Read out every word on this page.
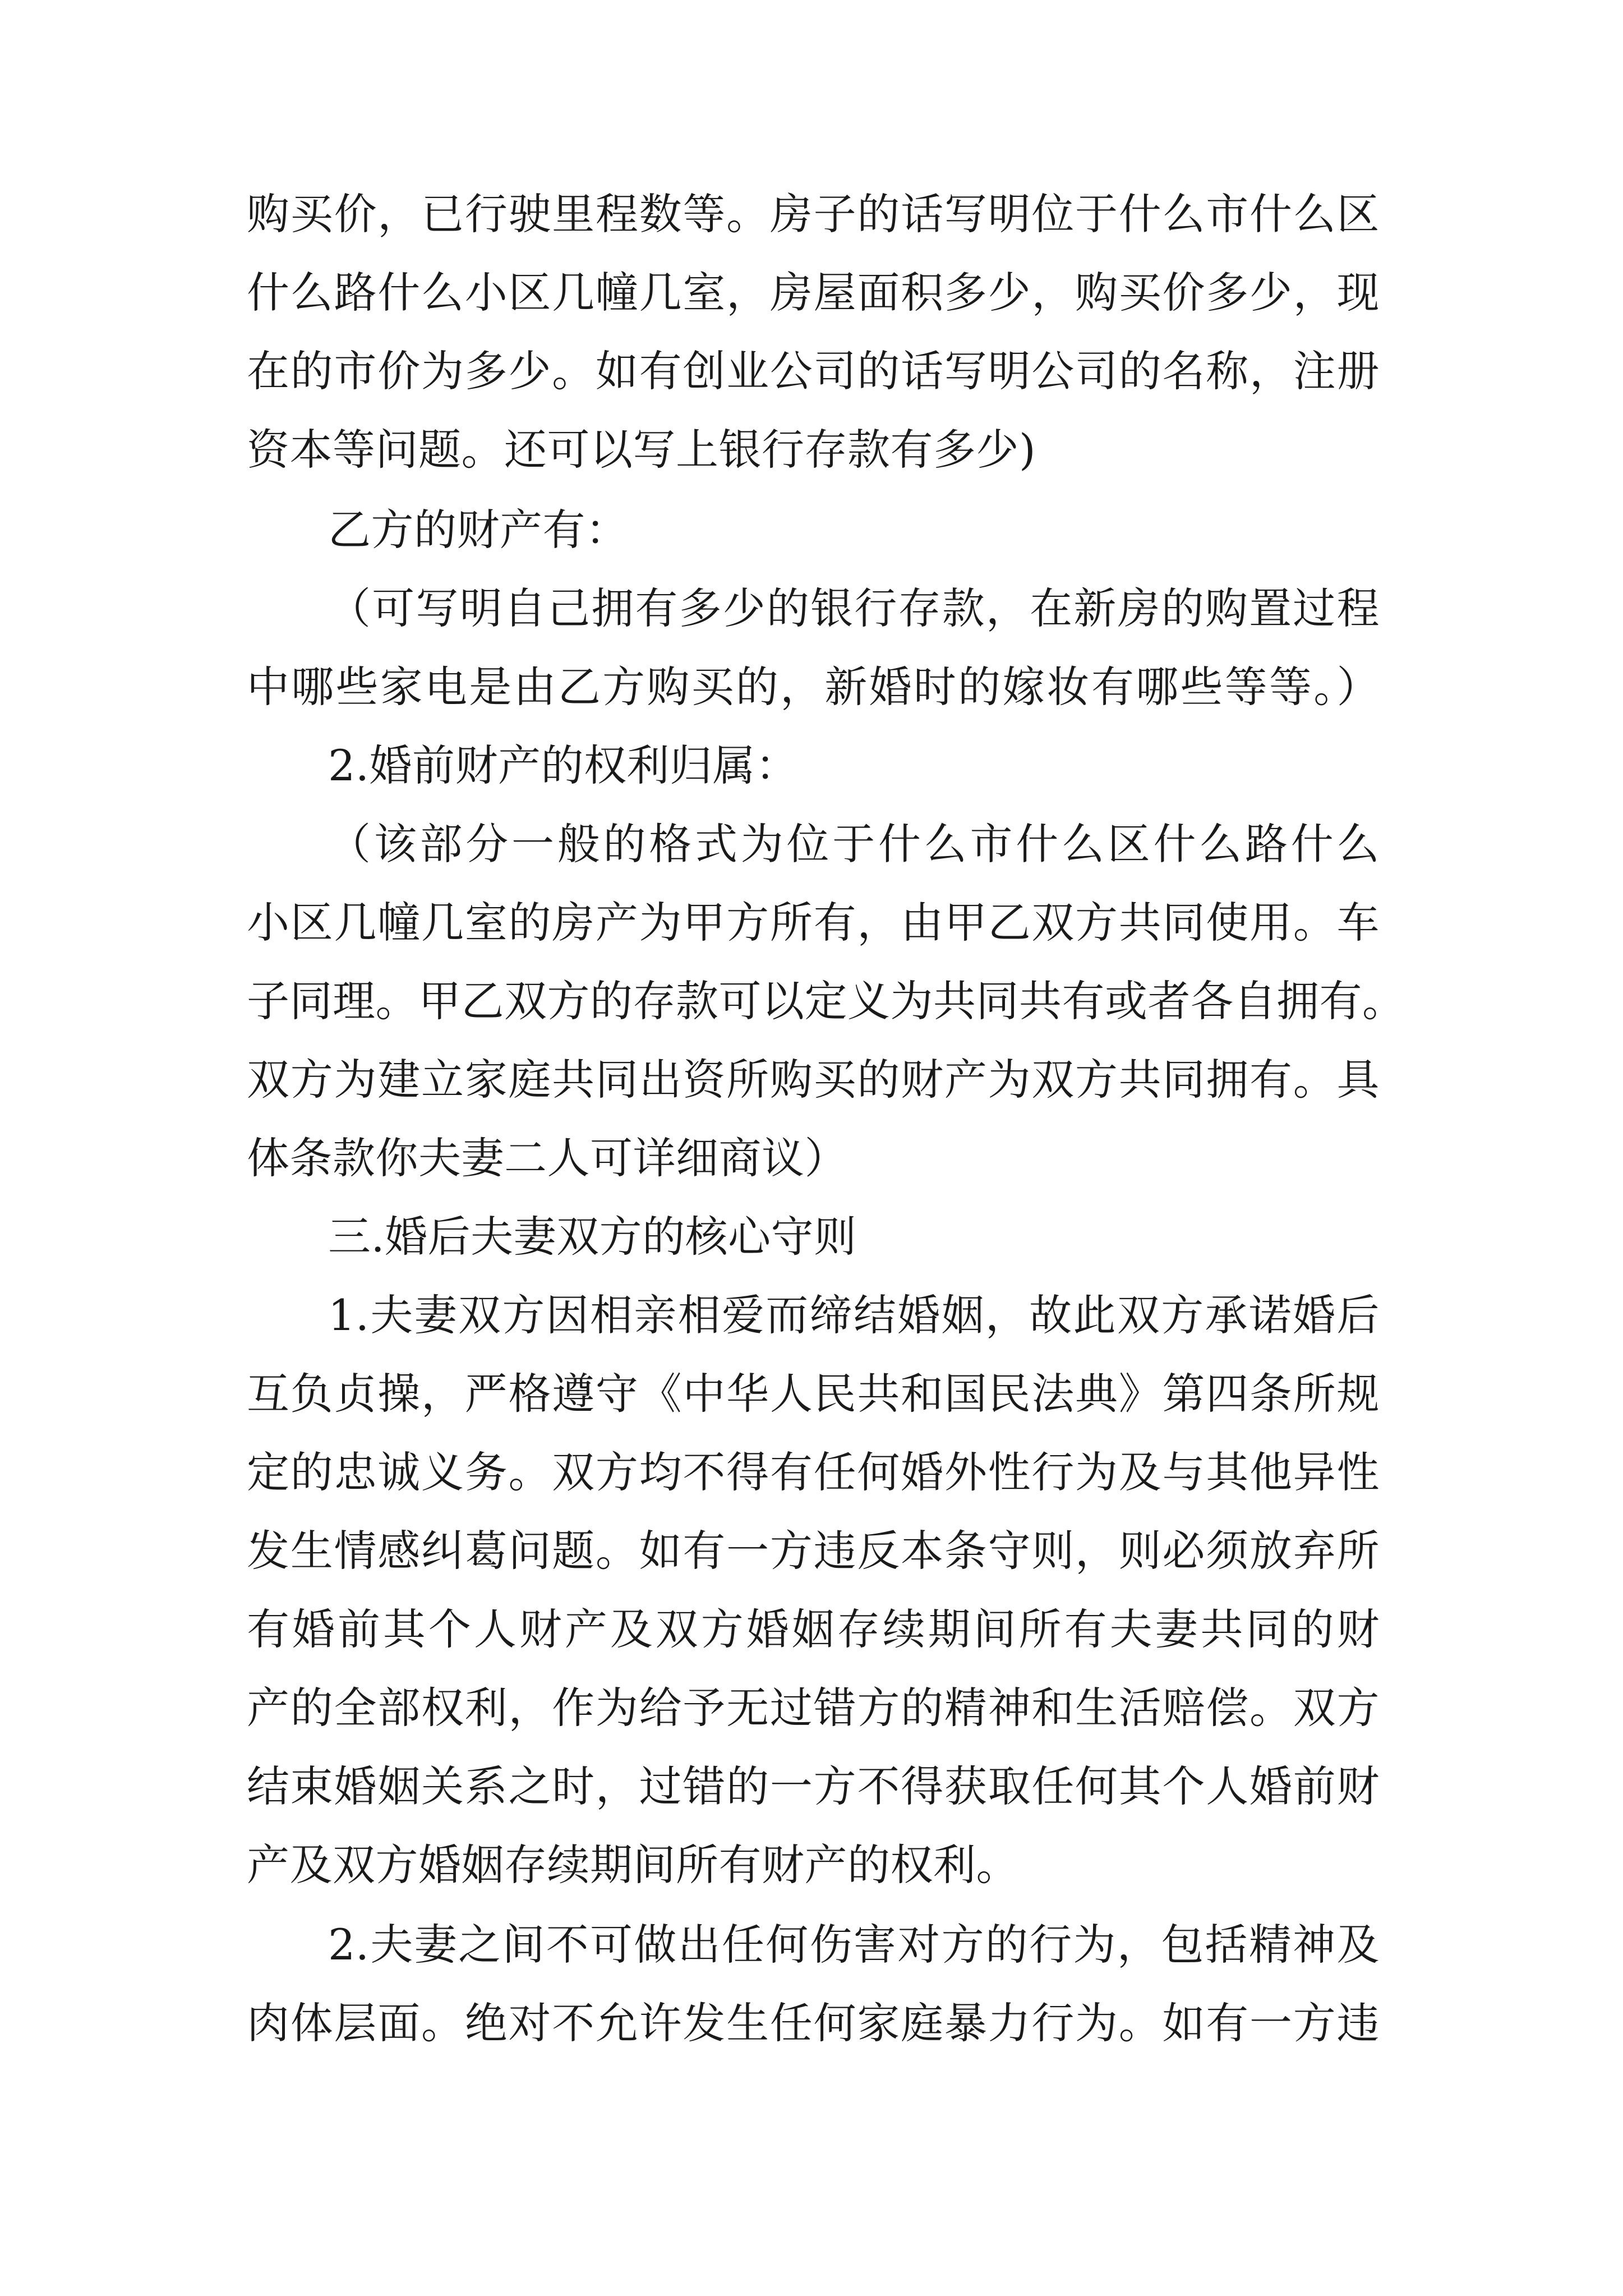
购买价，已行驶里程数等。房子的话写明位于什么市什么区
什么路什么小区几幢几室，房屋面积多少，购买价多少，现
在的市价为多少。如有创业公司的话写明公司的名称，注册
资本等问题。还可以写上银行存款有多少)
乙方的财产有：
（可写明自己拥有多少的银行存款，在新房的购置过程
中哪些家电是由乙方购买的，新婚时的嫁妆有哪些等等。）
2.婚前财产的权利归属：
（该部分一般的格式为位于什么市什么区什么路什么
小区几幢几室的房产为甲方所有，由甲乙双方共同使用。车
子同理。甲乙双方的存款可以定义为共同共有或者各自拥有。
双方为建立家庭共同出资所购买的财产为双方共同拥有。具
体条款你夫妻二人可详细商议）
三.婚后夫妻双方的核心守则
1.夫妻双方因相亲相爱而缔结婚姻，故此双方承诺婚后
互负贞操，严格遵守《中华人民共和国民法典》第四条所规
定的忠诚义务。双方均不得有任何婚外性行为及与其他异性
发生情感纠葛问题。如有一方违反本条守则，则必须放弃所
有婚前其个人财产及双方婚姻存续期间所有夫妻共同的财
产的全部权利，作为给予无过错方的精神和生活赔偿。双方
结束婚姻关系之时，过错的一方不得获取任何其个人婚前财
产及双方婚姻存续期间所有财产的权利。
2.夫妻之间不可做出任何伤害对方的行为，包括精神及
肉体层面。绝对不允许发生任何家庭暴力行为。如有一方违
